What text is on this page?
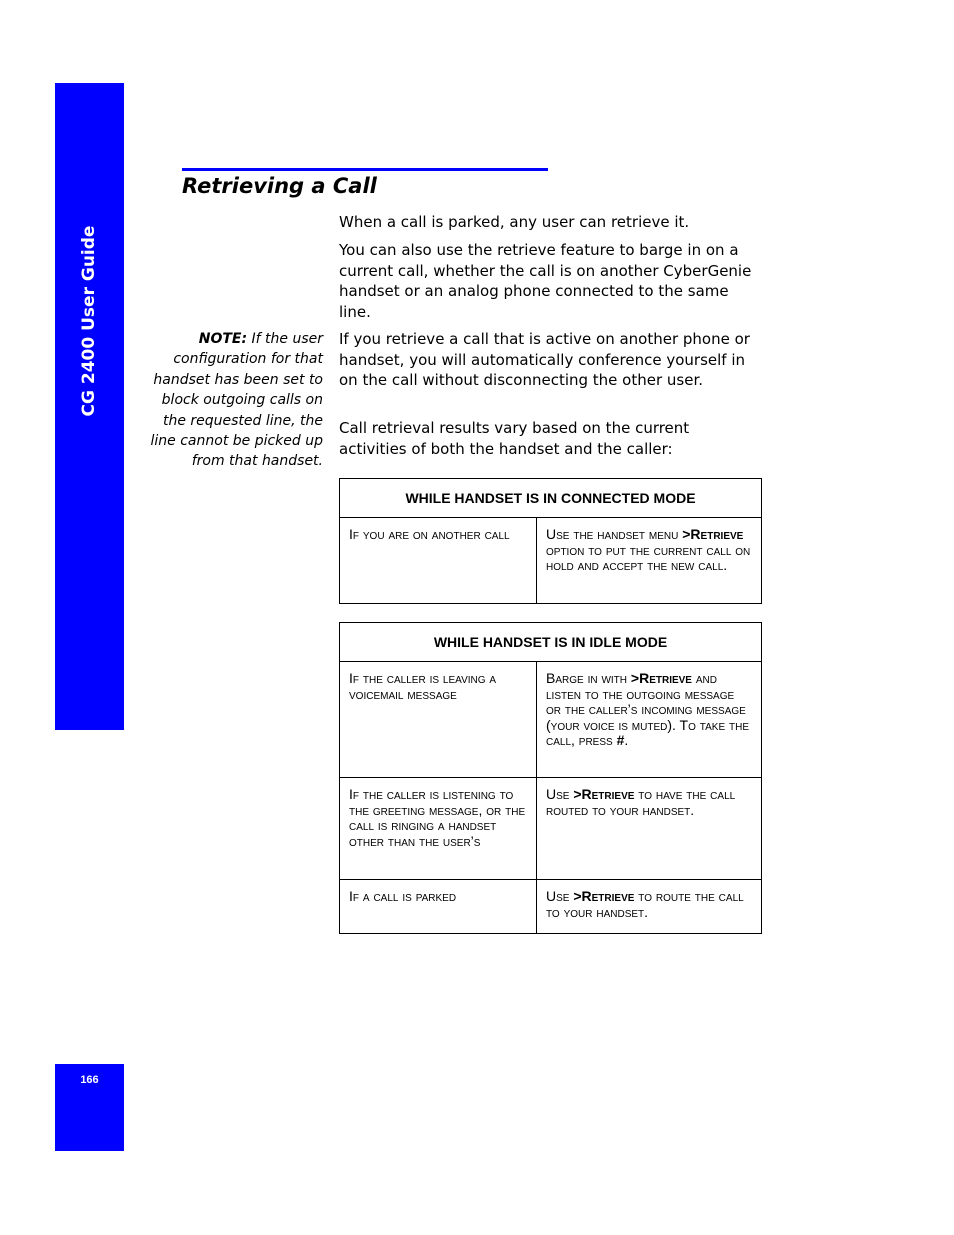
CG 2400 User Guide
166
Retrieving a Call

When a call is parked, any user can retrieve it.

You can also use the retrieve feature to barge in on a current call, whether the call is on another CyberGenie handset or an analog phone connected to the same line.

If you retrieve a call that is active on another phone or handset, you will automatically conference yourself in on the call without disconnecting the other user.

Call retrieval results vary based on the current activities of both the handset and the caller:

NOTE: If the user configuration for that handset has been set to block outgoing calls on the requested line, the line cannot be picked up from that handset.

WHILE HANDSET IS IN CONNECTED MODE
If you are on another call	Use the handset menu >Retrieve option to put the current call on hold and accept the new call.
WHILE HANDSET IS IN IDLE MODE	
If the caller is leaving a voicemail message	Barge in with >Retrieve and listen to the outgoing message or the caller’s incoming message (your voice is muted). To take the call, press #.
If the caller is listening to the greeting message, or the call is ringing a handset other than the user’s	Use >Retrieve to have the call routed to your handset.
If a call is parked	Use >Retrieve to route the call to your handset.
